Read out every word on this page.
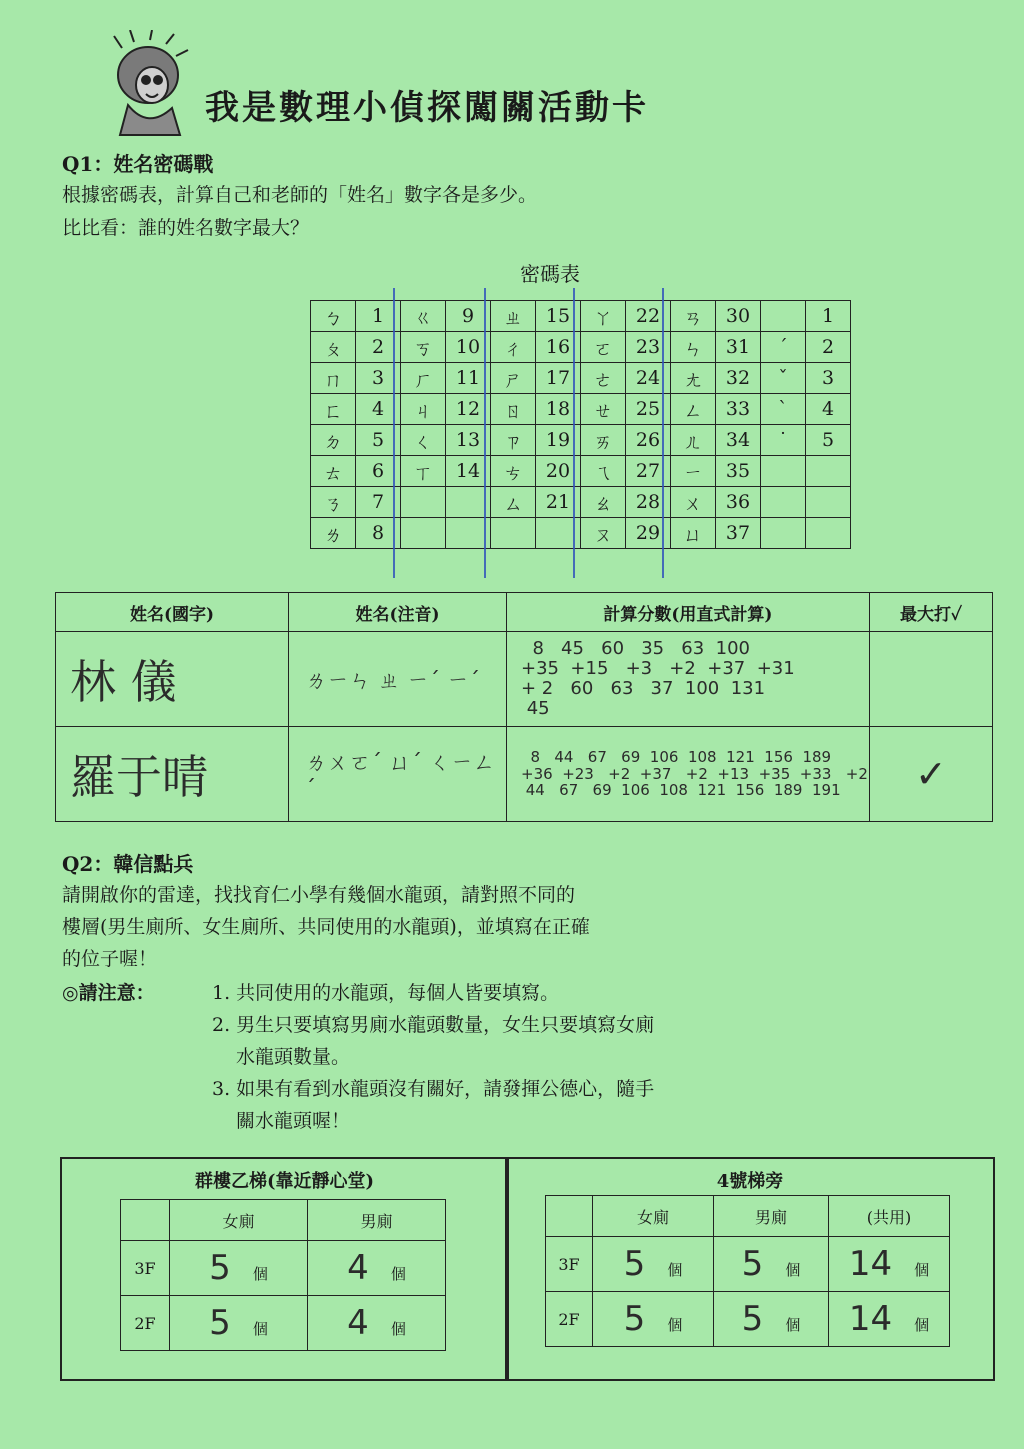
我是數理小偵探闖關活動卡
Q1：姓名密碼戰
根據密碼表，計算自己和老師的「姓名」數字各是多少。
比比看：誰的姓名數字最大？
密碼表
ㄅ	1	ㄍ	9	ㄓ	15	ㄚ	22	ㄢ	30		1
ㄆ	2	ㄎ	10	ㄔ	16	ㄛ	23	ㄣ	31	ˊ	2
ㄇ	3	ㄏ	11	ㄕ	17	ㄜ	24	ㄤ	32	ˇ	3
ㄈ	4	ㄐ	12	ㄖ	18	ㄝ	25	ㄥ	33	ˋ	4
ㄉ	5	ㄑ	13	ㄗ	19	ㄞ	26	ㄦ	34	˙	5
ㄊ	6	ㄒ	14	ㄘ	20	ㄟ	27	ㄧ	35		
ㄋ	7			ㄙ	21	ㄠ	28	ㄨ	36		
ㄌ	8					ㄡ	29	ㄩ	37		
姓名(國字)	姓名(注音)	計算分數(用直式計算)	最大打✓
林 儀	ㄌㄧㄣ ㄓ ㄧˊ ㄧˊ	8   45   60   35   63  100
+35  +15   +3   +2  +37  +31
+ 2   60   63   37  100  131
45	
羅于晴	ㄌㄨㄛˊ ㄩˊ ㄑㄧㄥˊ	8   44   67   69  106  108  121  156  189
+36  +23   +2  +37   +2  +13  +35  +33   +2
44   67   69  106  108  121  156  189  191	✓
Q2：韓信點兵
請開啟你的雷達，找找育仁小學有幾個水龍頭，請對照不同的
樓層(男生廁所、女生廁所、共同使用的水龍頭)，並填寫在正確
的位子喔！
◎請注意：	1. 共同使用的水龍頭，每個人皆要填寫。
2. 男生只要填寫男廁水龍頭數量，女生只要填寫女廁
水龍頭數量。
3. 如果有看到水龍頭沒有關好，請發揮公德心，隨手
關水龍頭喔！
群樓乙梯(靠近靜心堂)
	女廁	男廁
3F	5 個	4 個
2F	5 個	4 個
4號梯旁
	女廁	男廁	(共用)
3F	5 個	5 個	14 個
2F	5 個	5 個	14 個
